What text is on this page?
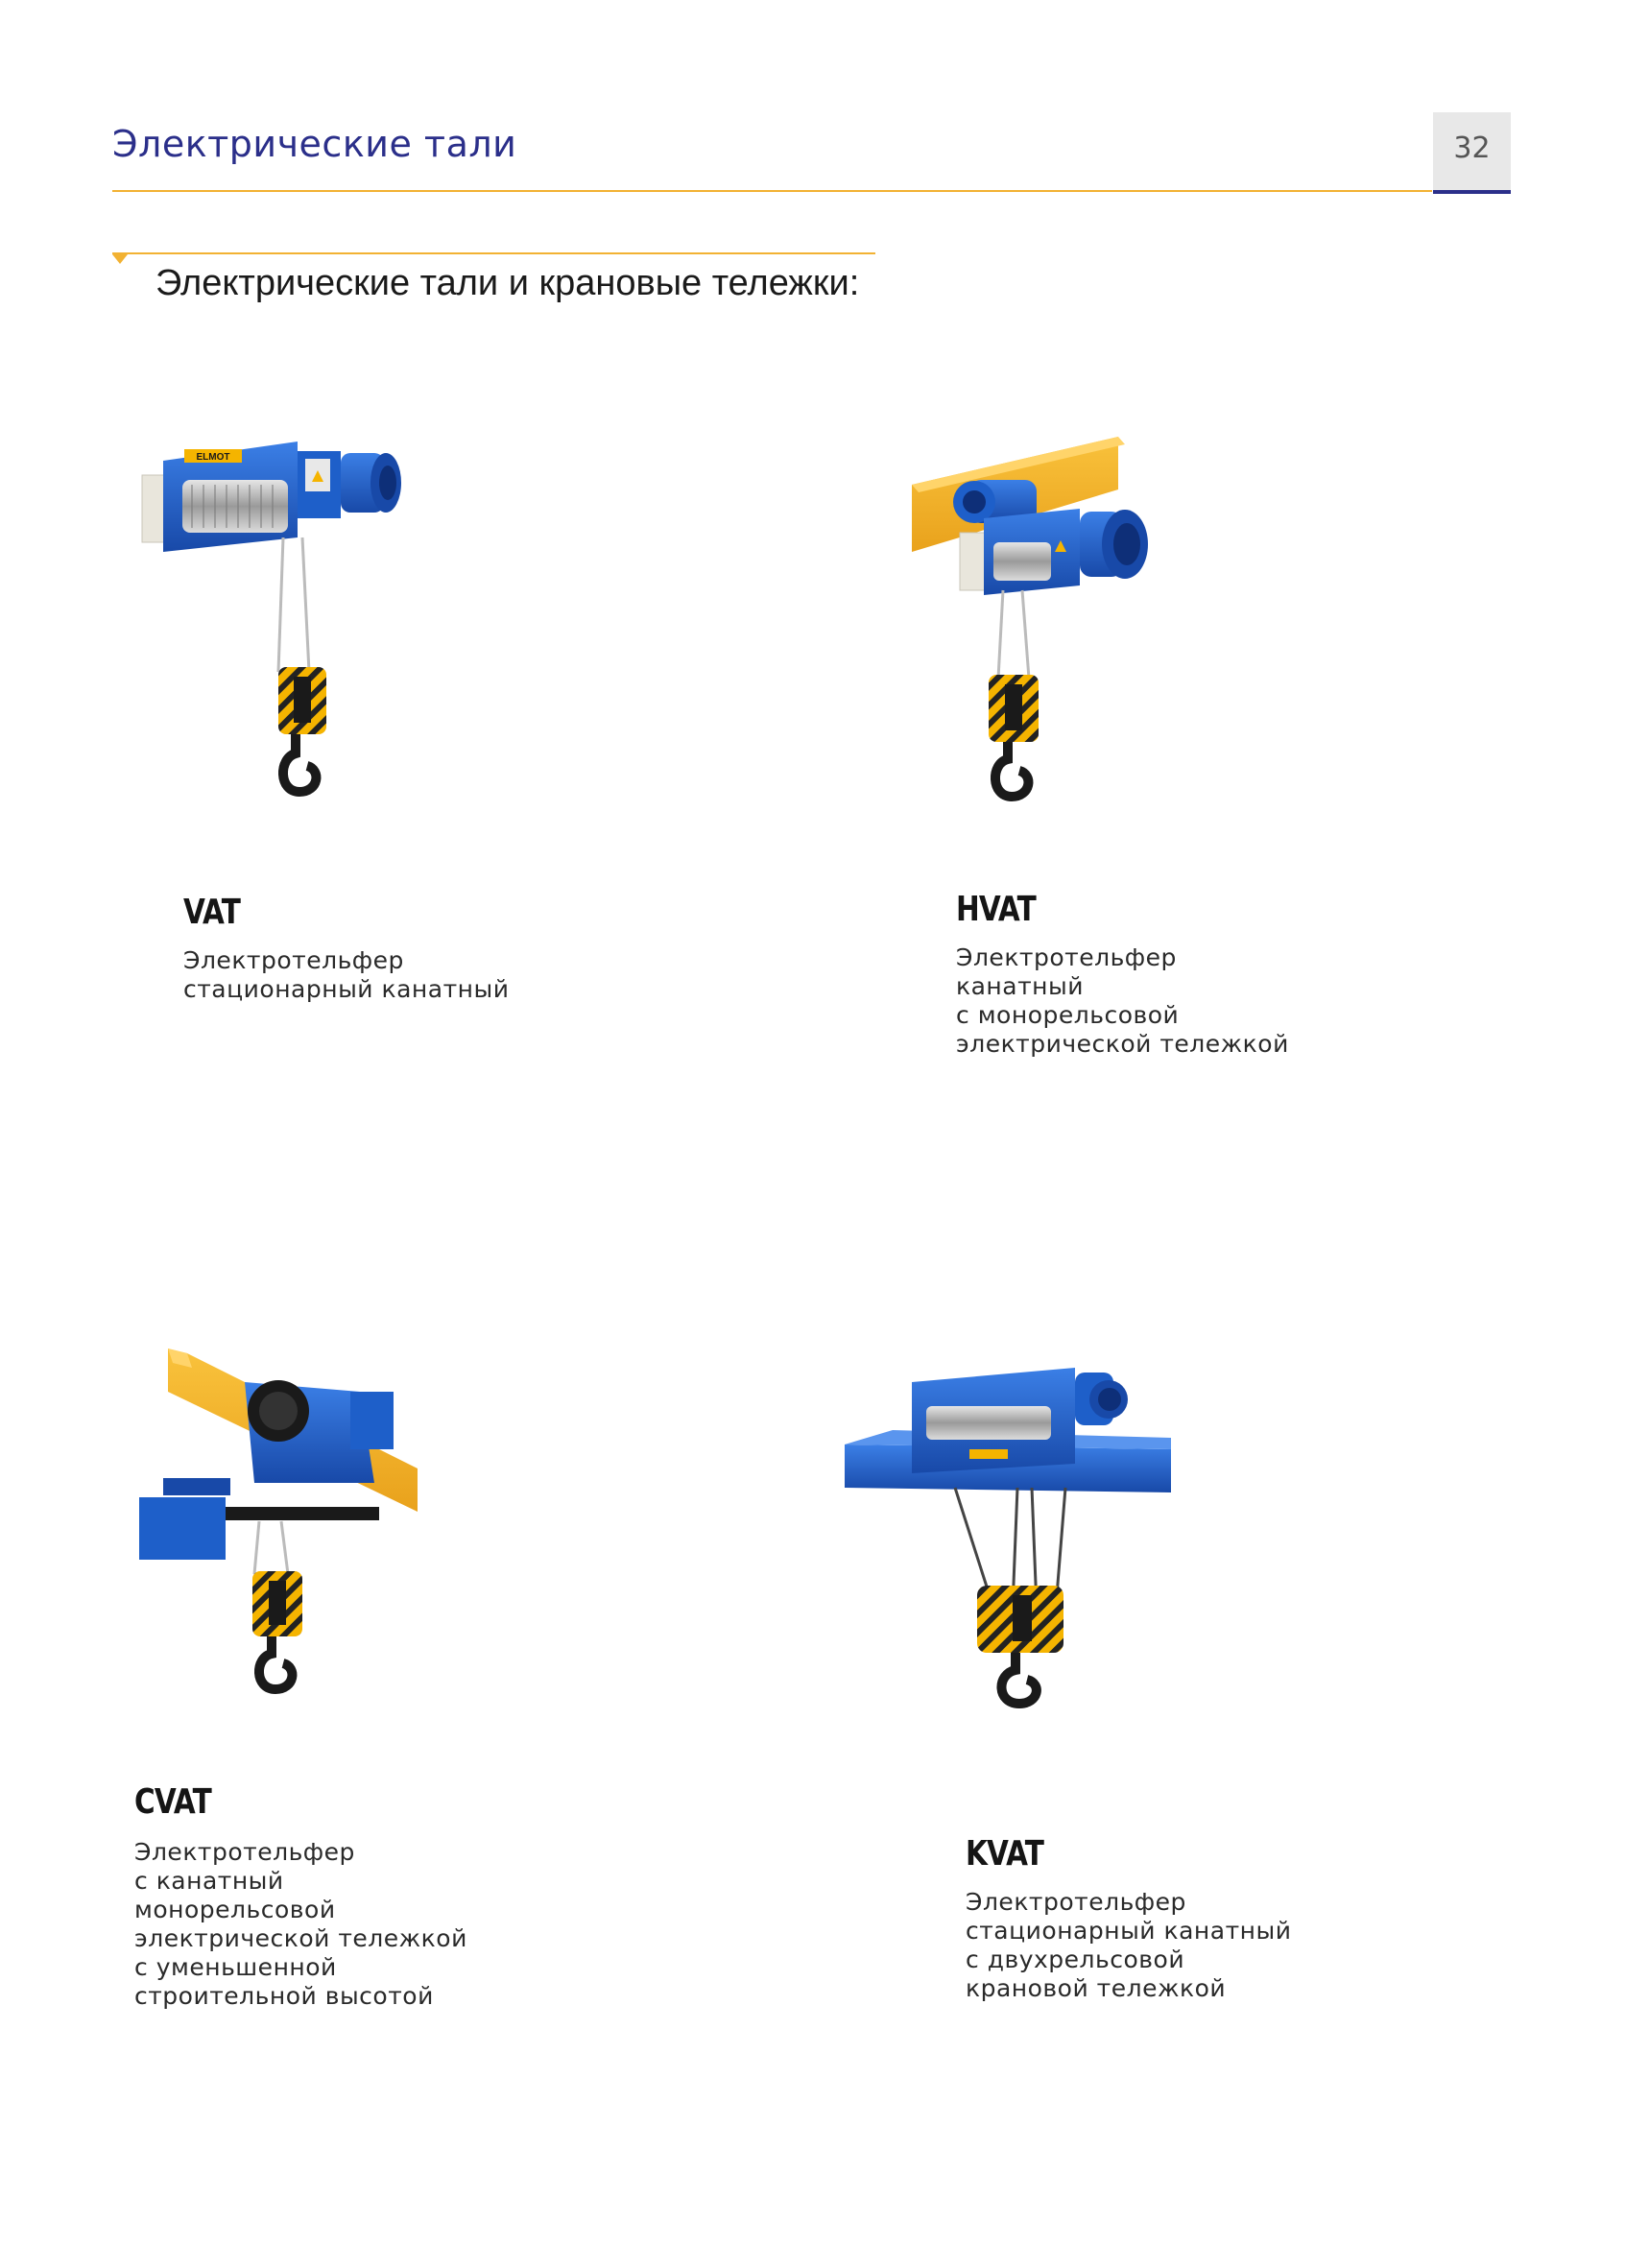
Электрические тали	32
Электрические тали и крановые тележки:
ELMOT
VAT
Электротельфер
стационарный канатный
HVAT
Электротельфер
канатный
с монорельсовой
электрической тележкой
CVAT
Электротельфер
с канатный
монорельсовой
электрической тележкой
с уменьшенной
строительной высотой
KVAT
Электротельфер
стационарный канатный
с двухрельсовой
крановой тележкой
